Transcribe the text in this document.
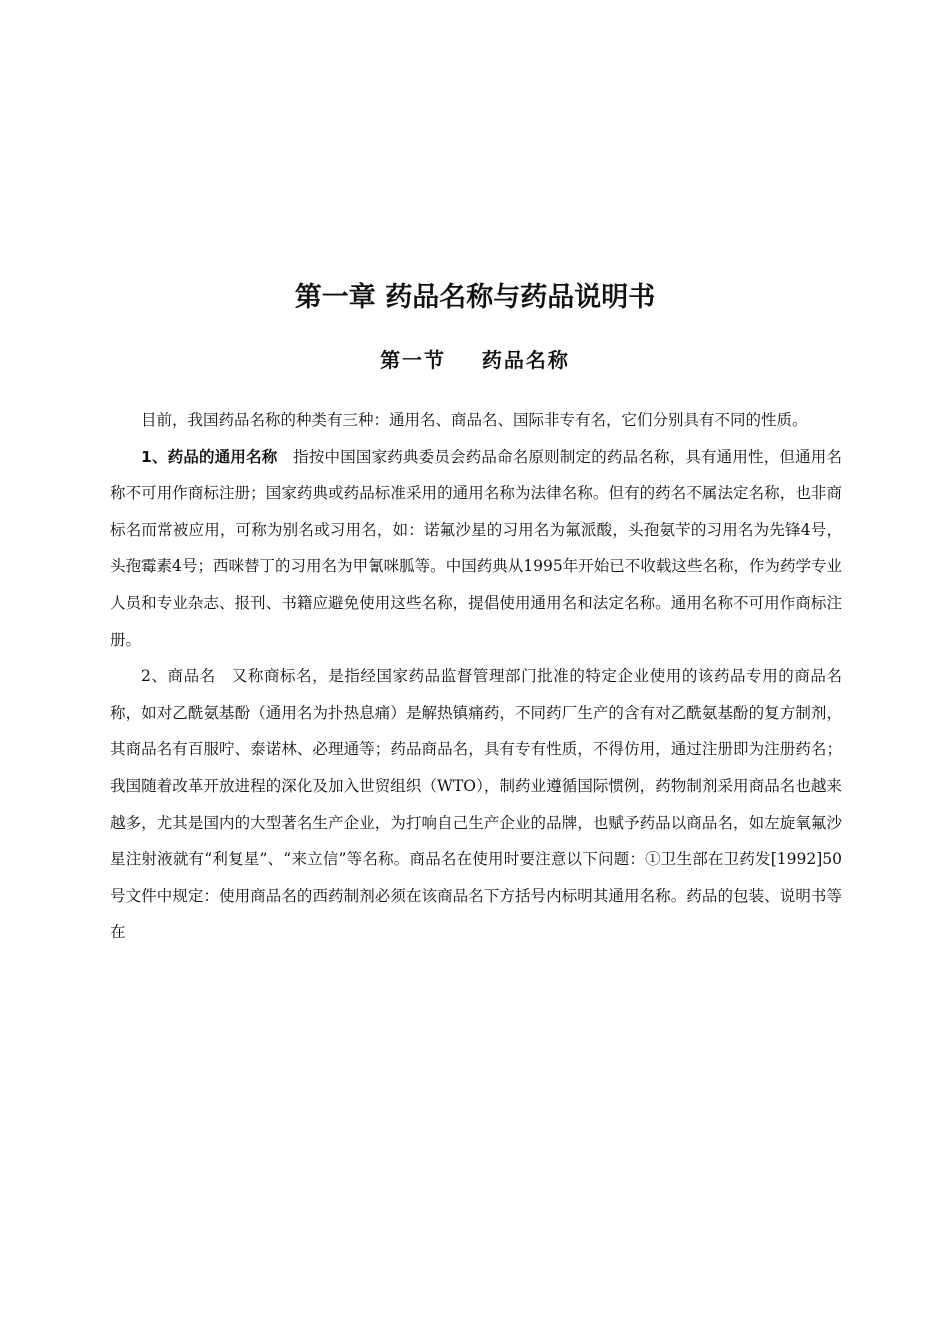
第一章 药品名称与药品说明书
第一节    药品名称

目前，我国药品名称的种类有三种：通用名、商品名、国际非专有名，它们分别具有不同的性质。

1、药品的通用名称　指按中国国家药典委员会药品命名原则制定的药品名称，具有通用性，但通用名称不可用作商标注册；国家药典或药品标准采用的通用名称为法律名称。但有的药名不属法定名称，也非商标名而常被应用，可称为别名或习用名，如：诺氟沙星的习用名为氟派酸，头孢氨苄的习用名为先锋4号，头孢霉素4号；西咪替丁的习用名为甲氰咪胍等。中国药典从1995年开始已不收载这些名称，作为药学专业人员和专业杂志、报刊、书籍应避免使用这些名称，提倡使用通用名和法定名称。通用名称不可用作商标注册。

2、商品名　又称商标名，是指经国家药品监督管理部门批准的特定企业使用的该药品专用的商品名称，如对乙酰氨基酚（通用名为扑热息痛）是解热镇痛药，不同药厂生产的含有对乙酰氨基酚的复方制剂，其商品名有百服咛、泰诺林、必理通等；药品商品名，具有专有性质，不得仿用，通过注册即为注册药名；我国随着改革开放进程的深化及加入世贸组织（WTO），制药业遵循国际惯例，药物制剂采用商品名也越来越多，尤其是国内的大型著名生产企业，为打响自己生产企业的品牌，也赋予药品以商品名，如左旋氧氟沙星注射液就有“利复星”、“来立信”等名称。商品名在使用时要注意以下问题：①卫生部在卫药发[1992]50号文件中规定：使用商品名的西药制剂必须在该商品名下方括号内标明其通用名称。药品的包装、说明书等在
